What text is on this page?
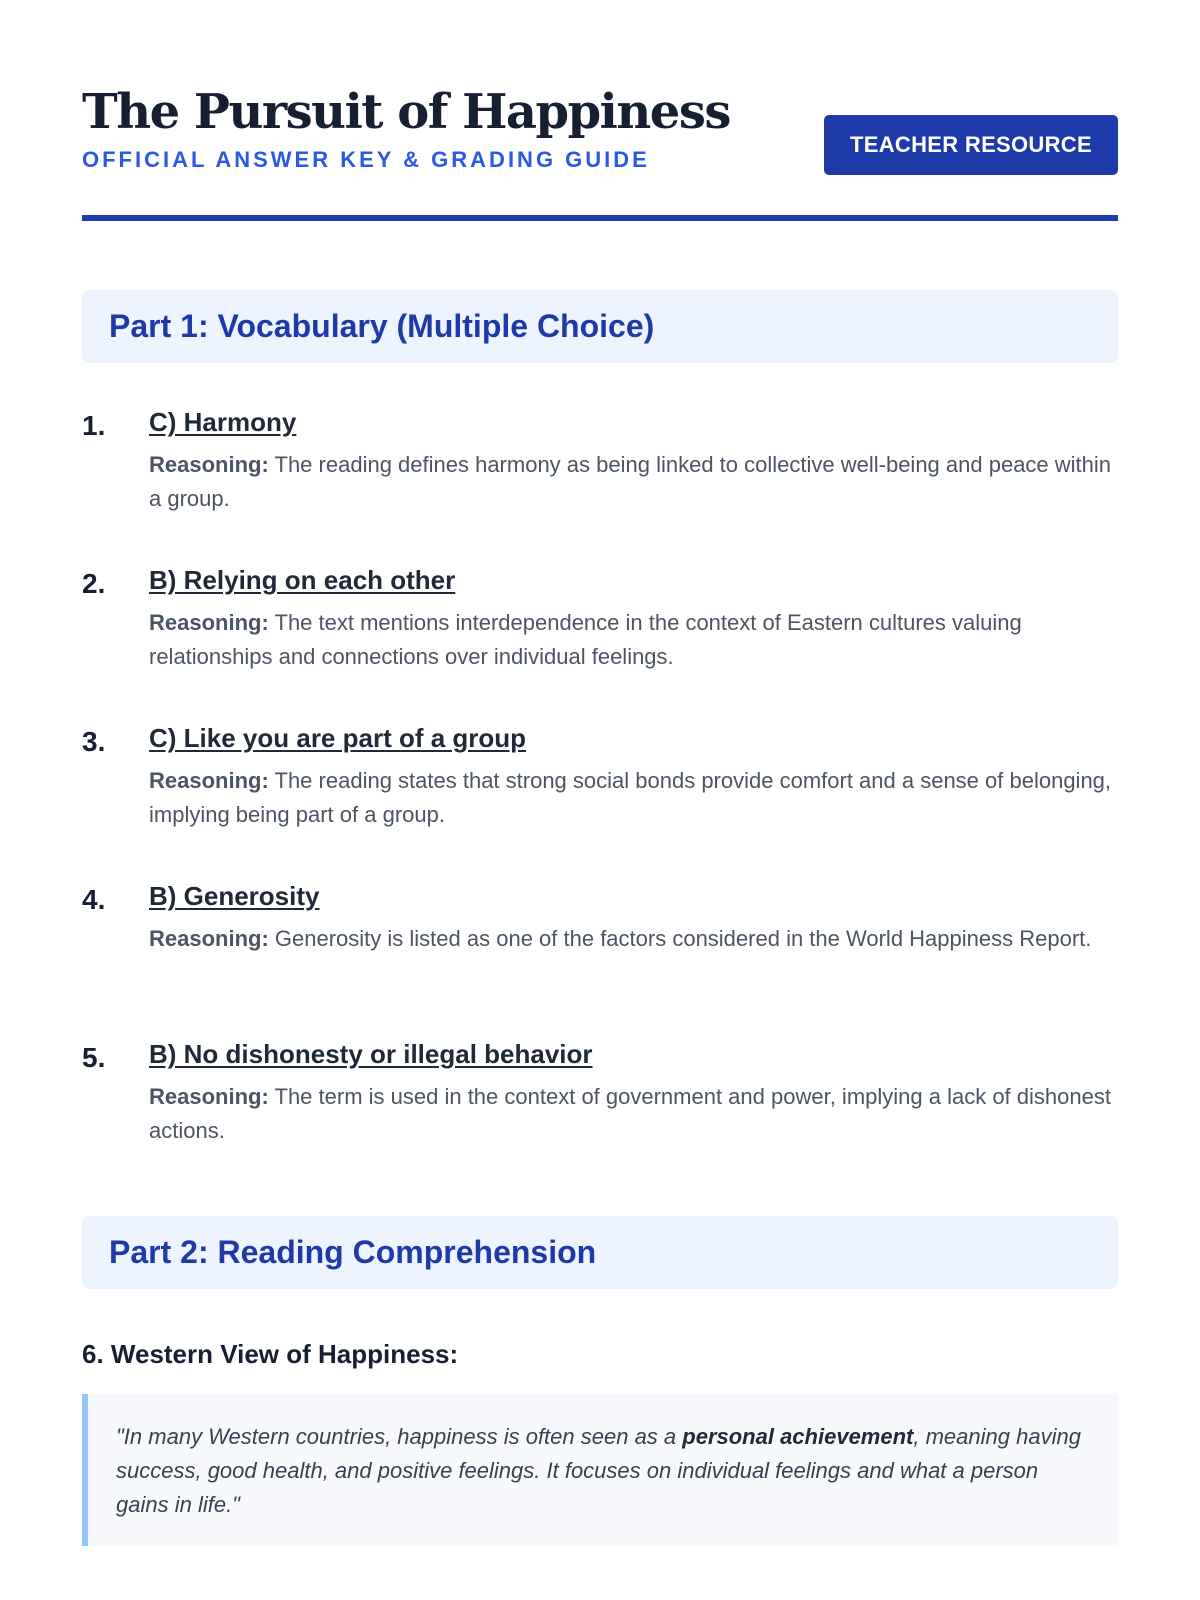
The Pursuit of Happiness
OFFICIAL ANSWER KEY & GRADING GUIDE
TEACHER RESOURCE
Part 1: Vocabulary (Multiple Choice)
1. C) Harmony
Reasoning: The reading defines harmony as being linked to collective well-being and peace within a group.
2. B) Relying on each other
Reasoning: The text mentions interdependence in the context of Eastern cultures valuing relationships and connections over individual feelings.
3. C) Like you are part of a group
Reasoning: The reading states that strong social bonds provide comfort and a sense of belonging, implying being part of a group.
4. B) Generosity
Reasoning: Generosity is listed as one of the factors considered in the World Happiness Report.
5. B) No dishonesty or illegal behavior
Reasoning: The term is used in the context of government and power, implying a lack of dishonest actions.
Part 2: Reading Comprehension
6. Western View of Happiness:
"In many Western countries, happiness is often seen as a personal achievement, meaning having success, good health, and positive feelings. It focuses on individual feelings and what a person gains in life."
